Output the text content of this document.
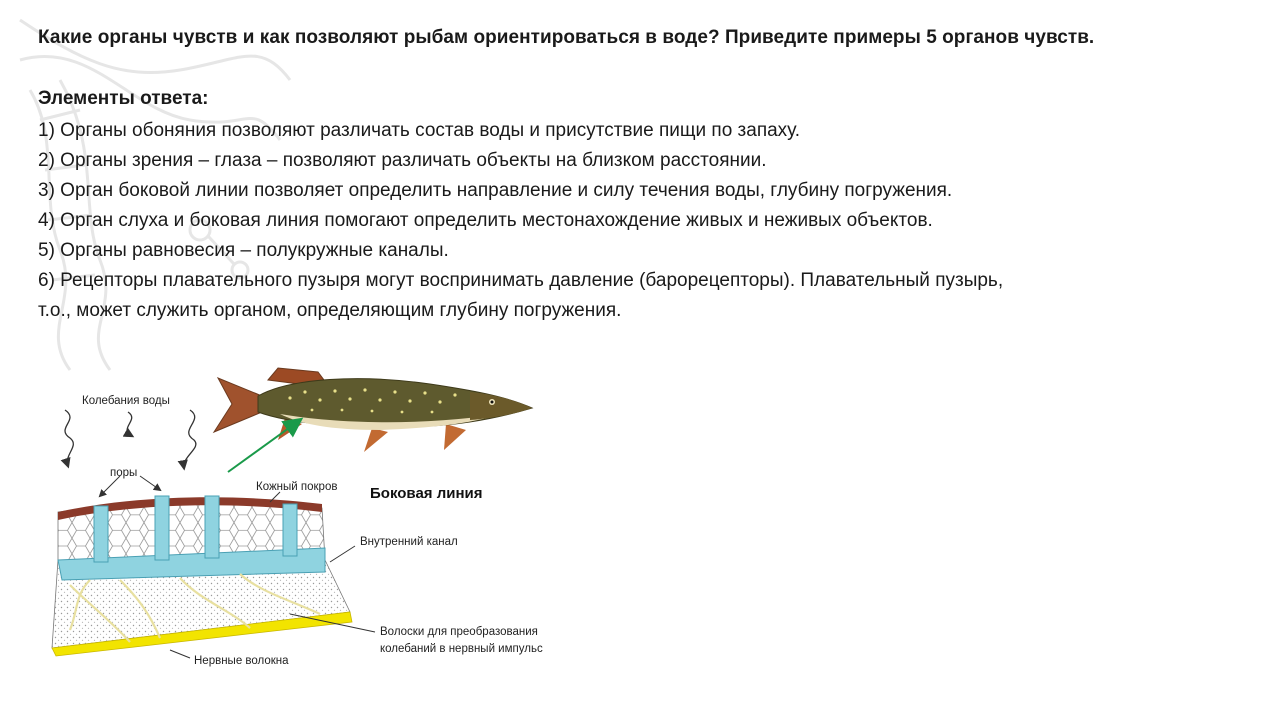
Какие органы чувств и как позволяют рыбам ориентироваться в воде? Приведите примеры 5 органов чувств.
Элементы ответа:
1) Органы обоняния позволяют различать состав воды и присутствие пищи по запаху.
2) Органы зрения – глаза – позволяют различать объекты на близком расстоянии.
3) Орган боковой линии позволяет определить направление и силу течения воды, глубину погружения.
4) Орган слуха и боковая линия помогают определить местонахождение живых и неживых объектов.
5) Органы равновесия – полукружные каналы.
6) Рецепторы плавательного пузыря могут воспринимать давление (барорецепторы). Плавательный пузырь,
т.о., может служить органом, определяющим глубину погружения.
Колебания воды
поры
Кожный покров Боковая линия
Внутренний канал
Волоски для преобразования
колебаний в нервный импульс
Нервные волокна
